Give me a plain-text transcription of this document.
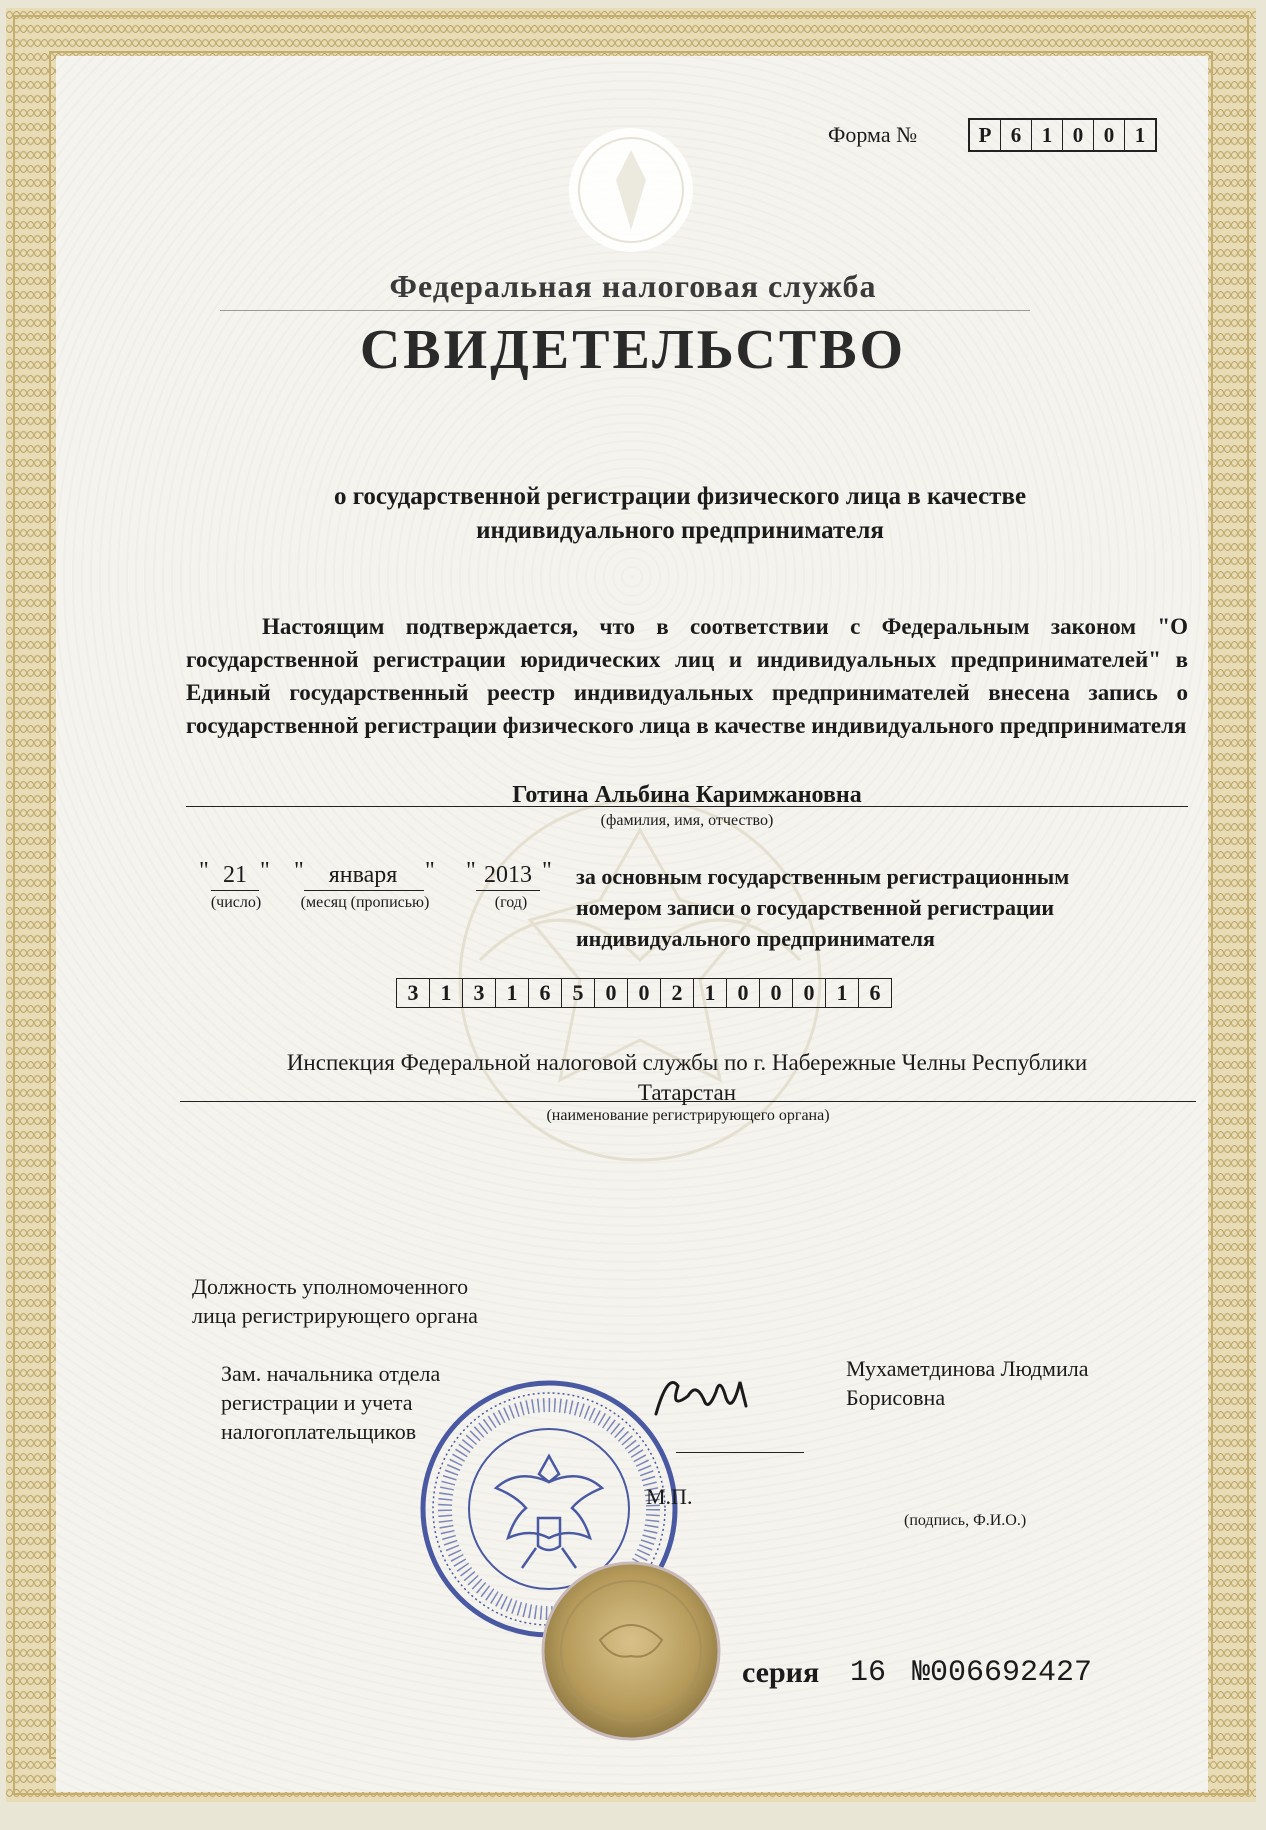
Форма №	Р 6 1 0 0 1
Федеральная налоговая служба
СВИДЕТЕЛЬСТВО
о государственной регистрации физического лица в качестве
индивидуального предпринимателя

Настоящим подтверждается, что в соответствии с Федеральным законом "О государственной регистрации юридических лиц и индивидуальных предпринимателей" в Единый государственный реестр индивидуальных предпринимателей внесена запись о государственной регистрации физического лица в качестве индивидуального предпринимателя

Готина Альбина Каримжановна
(фамилия, имя, отчество)
" 21 "
(число)
"	января	"
(месяц (прописью)
" 2013 "
(год)
за основным государственным регистрационным
номером записи о государственной регистрации
индивидуального предпринимателя
3	1	3	1	6	5	0	0	2	1	0	0	0	1	6
Инспекция Федеральной налоговой службы по г. Набережные Челны Республики
Татарстан
(наименование регистрирующего органа)
Должность уполномоченного
лица регистрирующего органа
Зам. начальника отдела
регистрации и учета
налогоплательщиков
М.П.
Мухаметдинова Людмила
Борисовна
(подпись, Ф.И.О.)
серия 16 №006692427
